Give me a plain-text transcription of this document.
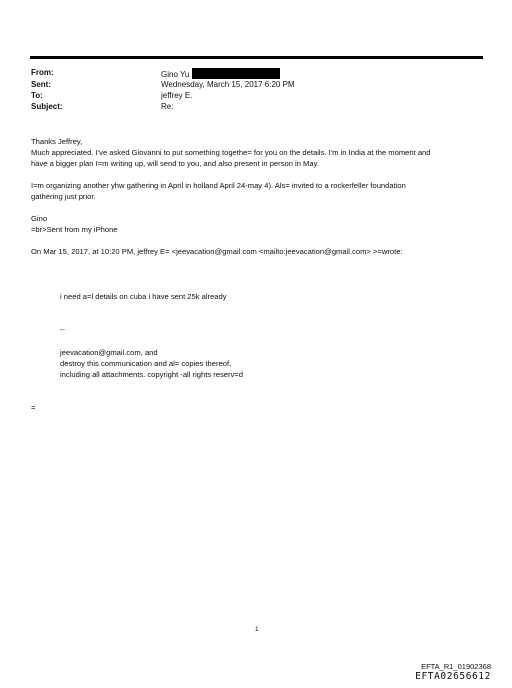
From:	Gino Yu
Sent:	Wednesday, March 15, 2017 6:20 PM
To:	jeffrey E.
Subject:	Re:
Thanks Jeffrey,
Much appreciated. I've asked Giovanni to put something togethe= for you on the details. I'm in India at the moment and
have a bigger plan I=m writing up, will send to you, and also present in person in May.
I=m organizing another yhw gathering in April in holland April 24-may 4). Als= invited to a rockerfeller foundation
gathering just prior.
Gino
=br>Sent from my iPhone
On Mar 15, 2017, at 10:20 PM, jeffrey E= <jeevacation@gmail.com <mailto:jeevacation@gmail.com> >=wrote:
i need a=l details on cuba i have sent 25k already
--
jeevacation@gmail.com, and
destroy this communication and al= copies thereof,
including all attachments. copyright -all rights reserv=d
=
1
EFTA_R1_01902368
EFTA02656612
